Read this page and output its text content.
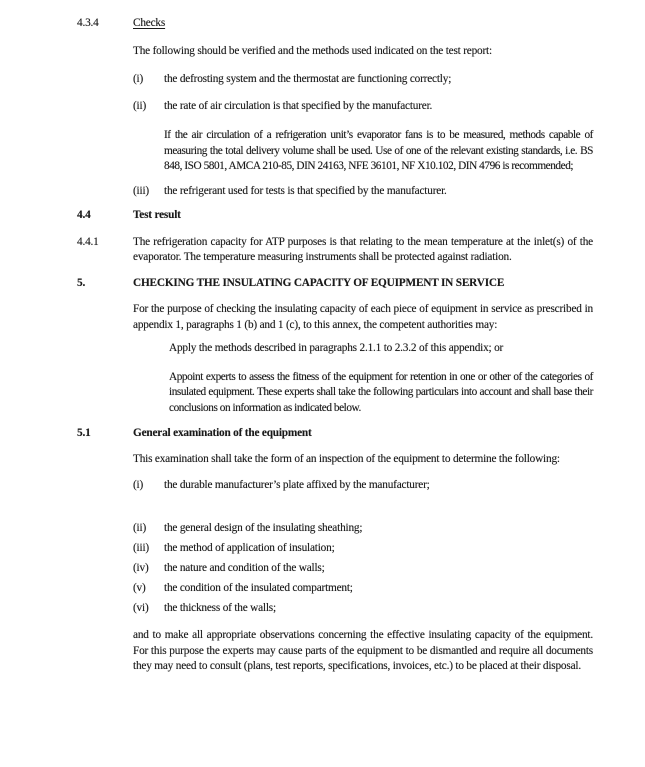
4.3.4	Checks

The following should be verified and the methods used indicated on the test report:

(i)	the defrosting system and the thermostat are functioning correctly;
(ii)	the rate of air circulation is that specified by the manufacturer.

If the air circulation of a refrigeration unit’s evaporator fans is to be measured, methods capable of measuring the total delivery volume shall be used. Use of one of the relevant existing standards, i.e. BS 848, ISO 5801, AMCA 210-85, DIN 24163, NFE 36101, NF X10.102, DIN 4796 is recommended;

(iii)	the refrigerant used for tests is that specified by the manufacturer.
4.4	Test result
4.4.1	The refrigeration capacity for ATP purposes is that relating to the mean temperature at the inlet(s) of the evaporator. The temperature measuring instruments shall be protected against radiation.
5.	CHECKING THE INSULATING CAPACITY OF EQUIPMENT IN SERVICE

For the purpose of checking the insulating capacity of each piece of equipment in service as prescribed in appendix 1, paragraphs 1 (b) and 1 (c), to this annex, the competent authorities may:

Apply the methods described in paragraphs 2.1.1 to 2.3.2 of this appendix; or

Appoint experts to assess the fitness of the equipment for retention in one or other of the categories of insulated equipment. These experts shall take the following particulars into account and shall base their conclusions on information as indicated below.

5.1	General examination of the equipment

This examination shall take the form of an inspection of the equipment to determine the following:

(i)	the durable manufacturer’s plate affixed by the manufacturer;
(ii)	the general design of the insulating sheathing;
(iii)	the method of application of insulation;
(iv)	the nature and condition of the walls;
(v)	the condition of the insulated compartment;
(vi)	the thickness of the walls;

and to make all appropriate observations concerning the effective insulating capacity of the equipment. For this purpose the experts may cause parts of the equipment to be dismantled and require all documents they may need to consult (plans, test reports, specifications, invoices, etc.) to be placed at their disposal.
